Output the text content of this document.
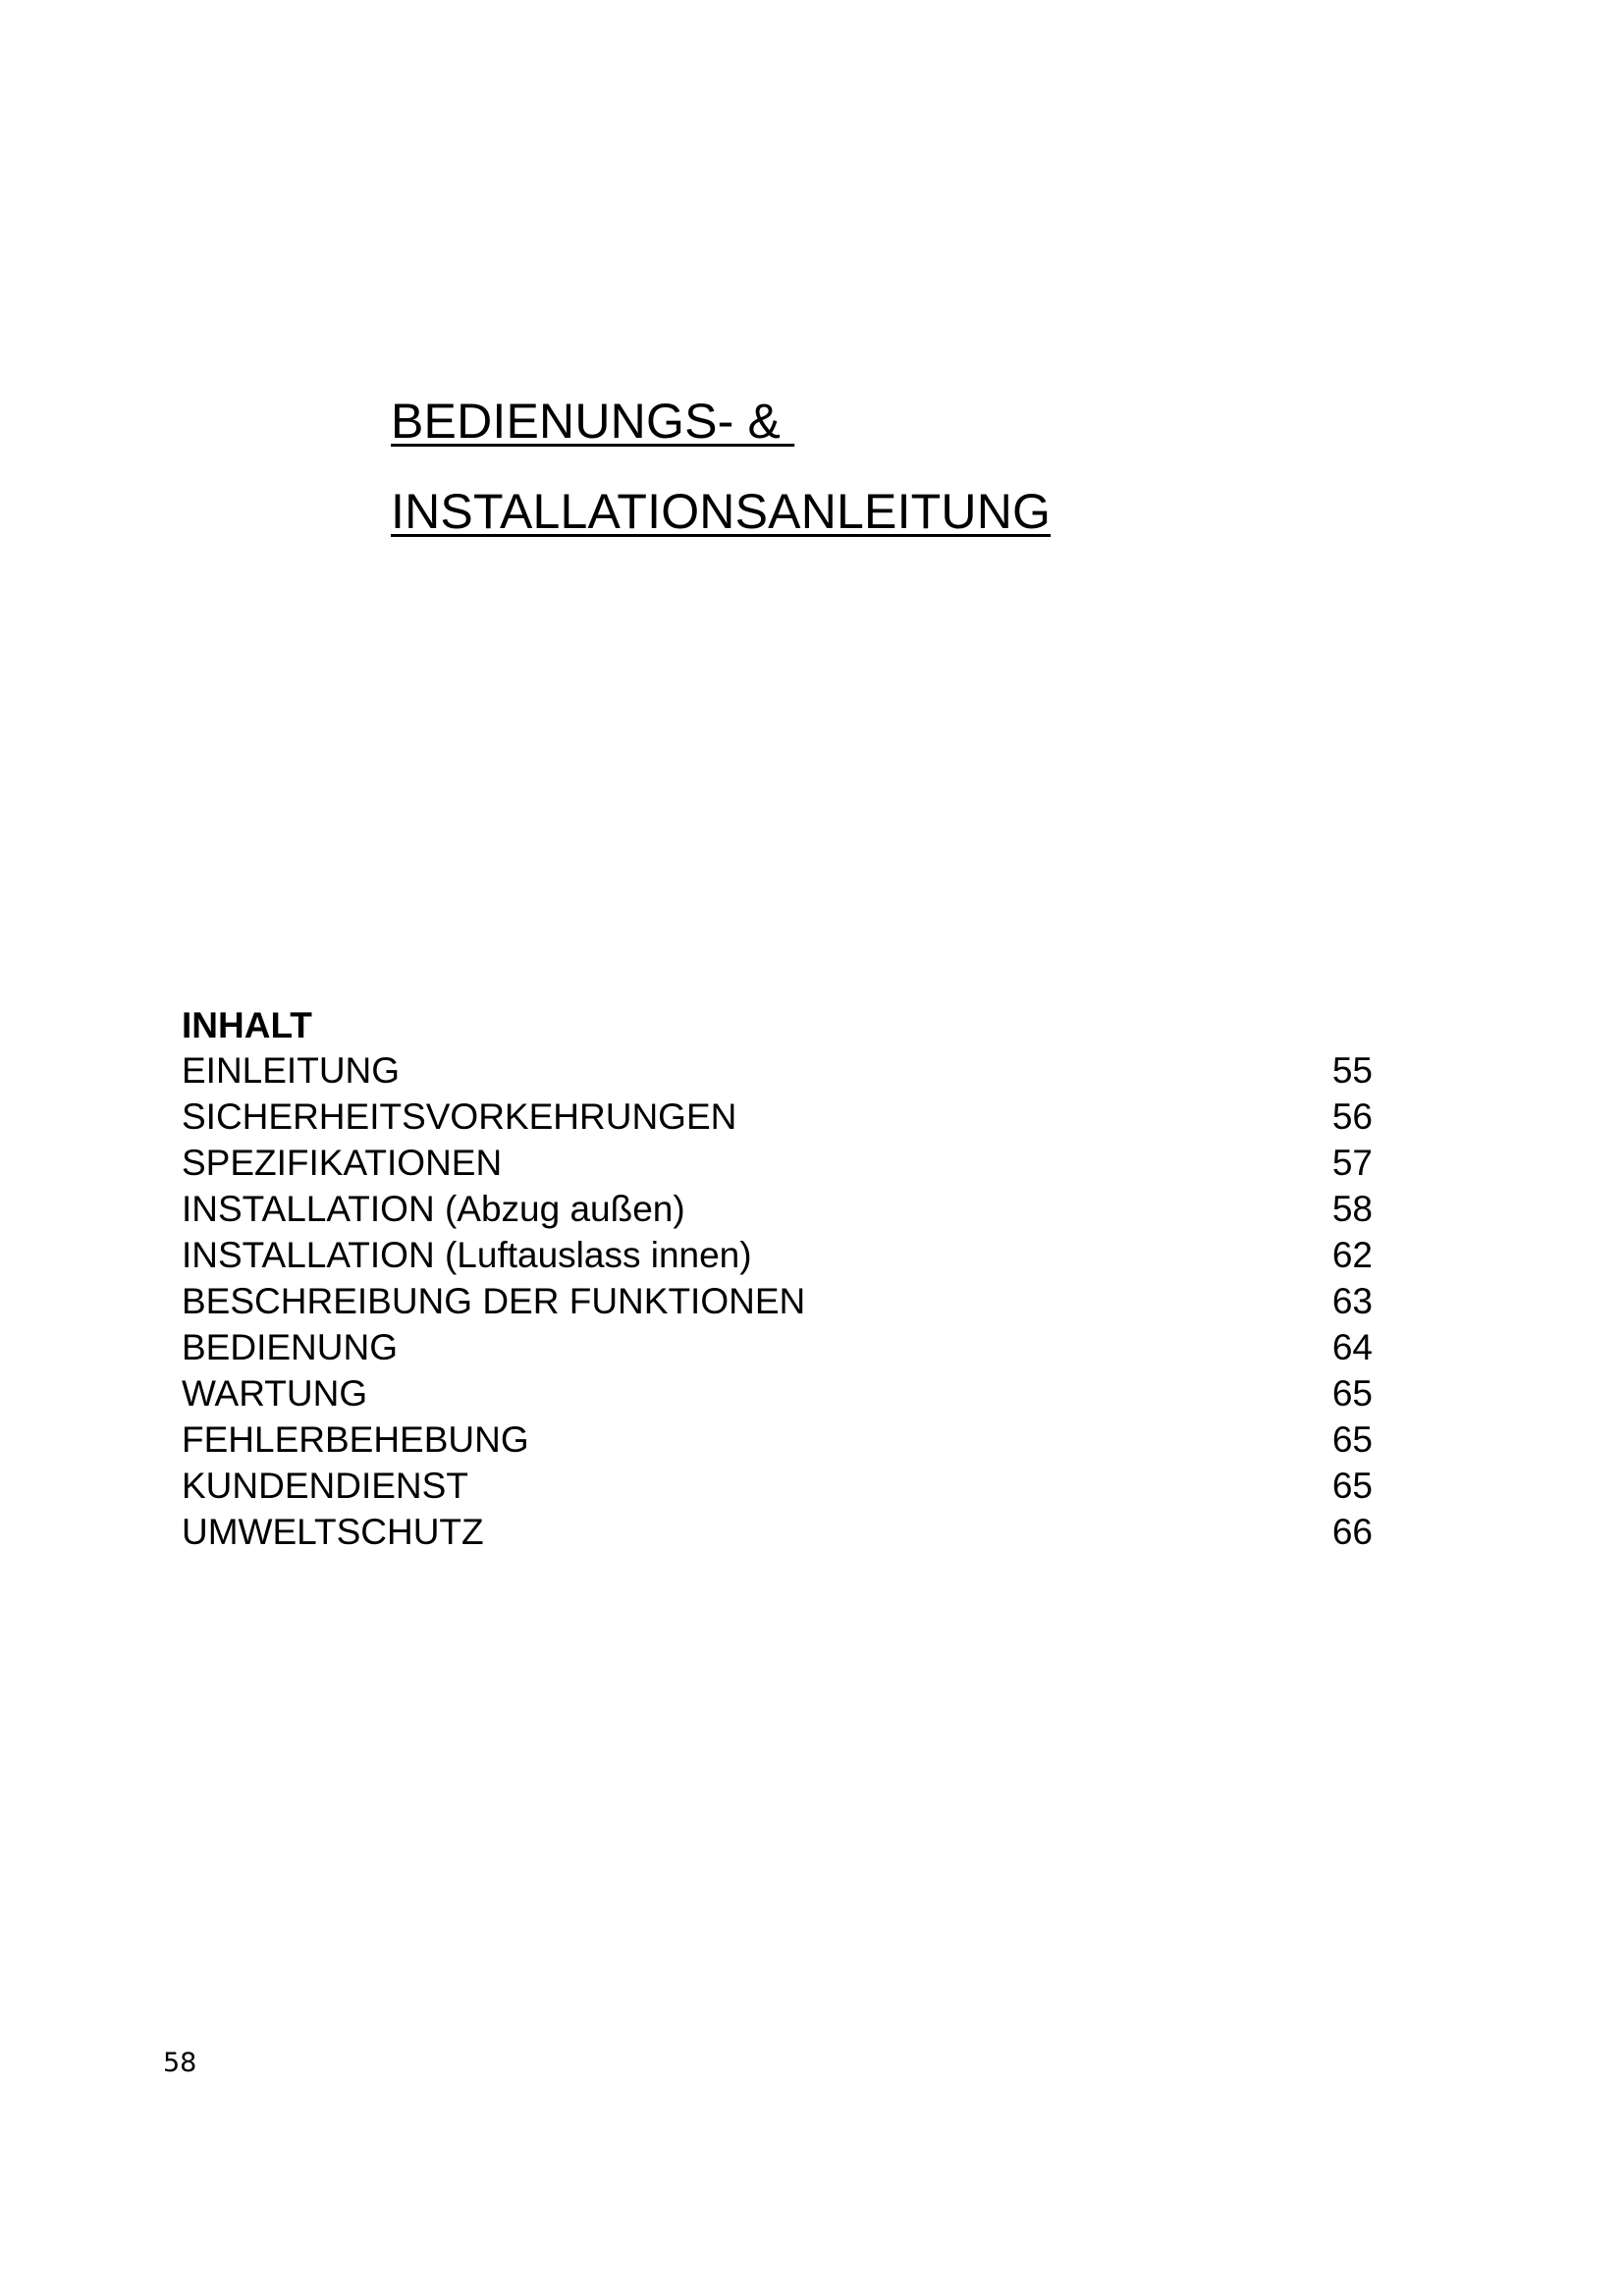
BEDIENUNGS- &
INSTALLATIONSANLEITUNG
INHALT
EINLEITUNG	55
SICHERHEITSVORKEHRUNGEN	56
SPEZIFIKATIONEN	57
INSTALLATION (Abzug außen)	58
INSTALLATION (Luftauslass innen)	62
BESCHREIBUNG DER FUNKTIONEN	63
BEDIENUNG	64
WARTUNG	65
FEHLERBEHEBUNG	65
KUNDENDIENST	65
UMWELTSCHUTZ	66
58
